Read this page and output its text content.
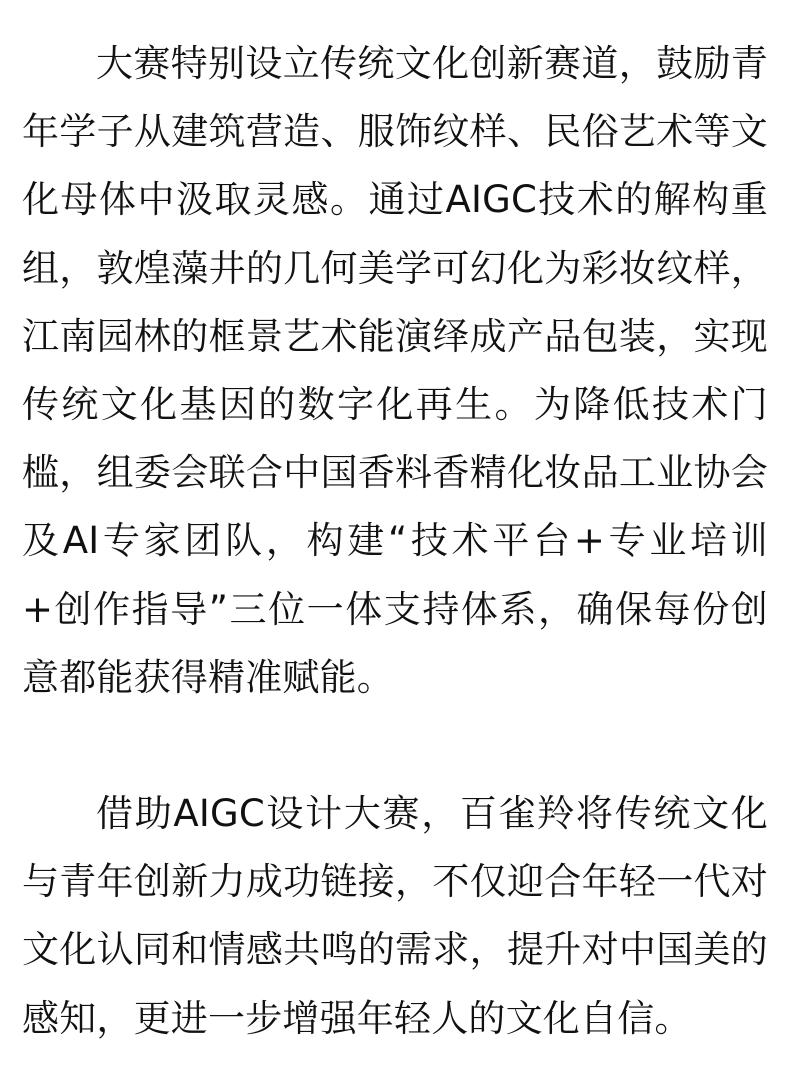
大赛特别设立传统文化创新赛道，鼓励青年学子从建筑营造、服饰纹样、民俗艺术等文化母体中汲取灵感。通过AIGC技术的解构重组，敦煌藻井的几何美学可幻化为彩妆纹样，江南园林的框景艺术能演绎成产品包装，实现传统文化基因的数字化再生。为降低技术门槛，组委会联合中国香料香精化妆品工业协会及AI专家团队，构建“技术平台+专业培训+创作指导”三位一体支持体系，确保每份创意都能获得精准赋能。

借助AIGC设计大赛，百雀羚将传统文化与青年创新力成功链接，不仅迎合年轻一代对文化认同和情感共鸣的需求，提升对中国美的感知，更进一步增强年轻人的文化自信。
